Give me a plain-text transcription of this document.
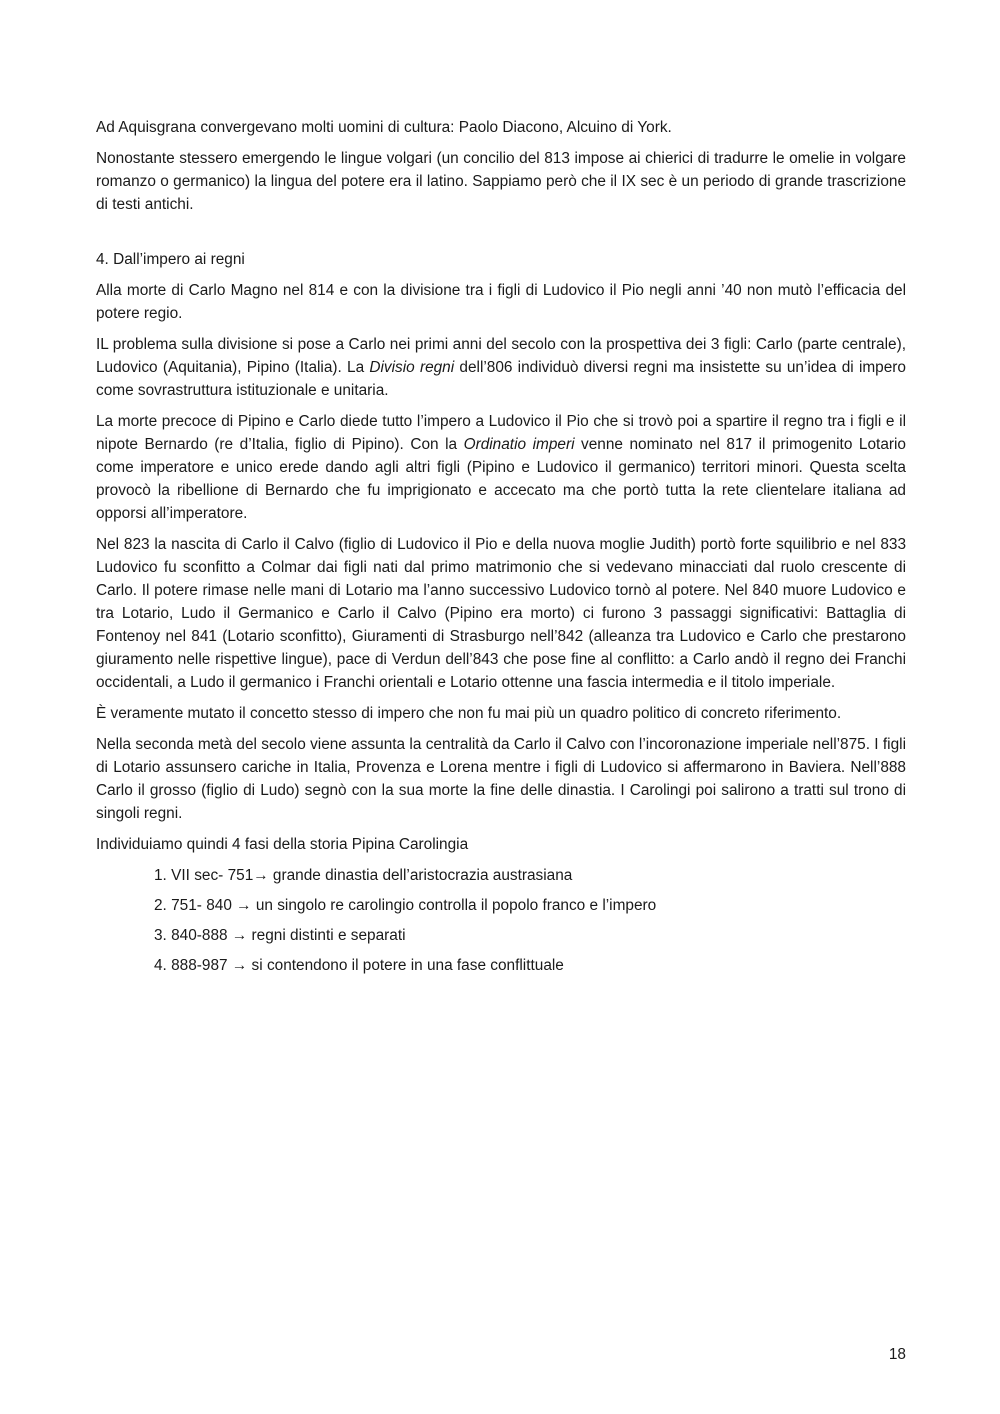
Ad Aquisgrana convergevano molti uomini di cultura: Paolo Diacono, Alcuino di York.

Nonostante stessero emergendo le lingue volgari (un concilio del 813 impose ai chierici di tradurre le omelie in volgare romanzo o germanico) la lingua del potere era il latino. Sappiamo però che il IX sec è un periodo di grande trascrizione di testi antichi.

4. Dall’impero ai regni

Alla morte di Carlo Magno nel 814 e con la divisione tra i figli di Ludovico il Pio negli anni ’40 non mutò l’efficacia del potere regio.

IL problema sulla divisione si pose a Carlo nei primi anni del secolo con la prospettiva dei 3 figli: Carlo (parte centrale), Ludovico (Aquitania), Pipino (Italia). La Divisio regni dell’806 individuò diversi regni ma insistette su un’idea di impero come sovrastruttura istituzionale e unitaria.

La morte precoce di Pipino e Carlo diede tutto l’impero a Ludovico il Pio che si trovò poi a spartire il regno tra i figli e il nipote Bernardo (re d’Italia, figlio di Pipino). Con la Ordinatio imperi venne nominato nel 817 il primogenito Lotario come imperatore e unico erede dando agli altri figli (Pipino e Ludovico il germanico) territori minori. Questa scelta provocò la ribellione di Bernardo che fu imprigionato e accecato ma che portò tutta la rete clientelare italiana ad opporsi all’imperatore.

Nel 823 la nascita di Carlo il Calvo (figlio di Ludovico il Pio e della nuova moglie Judith) portò forte squilibrio e nel 833 Ludovico fu sconfitto a Colmar dai figli nati dal primo matrimonio che si vedevano minacciati dal ruolo crescente di Carlo. Il potere rimase nelle mani di Lotario ma l’anno successivo Ludovico tornò al potere. Nel 840 muore Ludovico e tra Lotario, Ludo il Germanico e Carlo il Calvo (Pipino era morto) ci furono 3 passaggi significativi: Battaglia di Fontenoy nel 841 (Lotario sconfitto), Giuramenti di Strasburgo nell’842 (alleanza tra Ludovico e Carlo che prestarono giuramento nelle rispettive lingue), pace di Verdun dell’843 che pose fine al conflitto: a Carlo andò il regno dei Franchi occidentali, a Ludo il germanico i Franchi orientali e Lotario ottenne una fascia intermedia e il titolo imperiale.

È veramente mutato il concetto stesso di impero che non fu mai più un quadro politico di concreto riferimento.

Nella seconda metà del secolo viene assunta la centralità da Carlo il Calvo con l’incoronazione imperiale nell’875. I figli di Lotario assunsero cariche in Italia, Provenza e Lorena mentre i figli di Ludovico si affermarono in Baviera. Nell’888 Carlo il grosso (figlio di Ludo) segnò con la sua morte la fine delle dinastia. I Carolingi poi salirono a tratti sul trono di singoli regni.

Individuiamo quindi 4 fasi della storia Pipina Carolingia

1. VII sec- 751→ grande dinastia dell’aristocrazia austrasiana
2. 751- 840 → un singolo re carolingio controlla il popolo franco e l’impero
3. 840-888 → regni distinti e separati
4. 888-987 → si contendono il potere in una fase conflittuale
18
